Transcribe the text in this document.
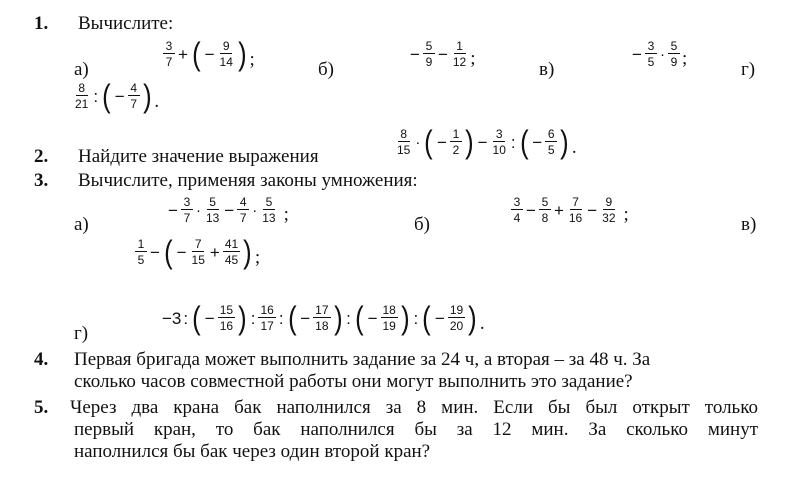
1. Вычислите:
а)
$\frac{3}{7}$ + ( − $\frac{9}{14}$ ) ;	б)
− $\frac{5}{9} - \frac{1}{12}$ ;
в)
− $\frac{3}{5} \cdot \frac{5}{9}$ ;
г)
$\frac{8}{21}$ : ( − $\frac{4}{7}$ ) .
2. Найдите значение выражения
$\frac{8}{15}$ · ( − $\frac{1}{2}$ ) − $\frac{3}{10}$ : ( − $\frac{6}{5}$ ) .
3. Вычислите, применяя законы умножения:
а)
− $\frac{3}{7} \cdot \frac{5}{13} - \frac{4}{7} \cdot \frac{5}{13}$ ;	б)
$\frac{3}{4} - \frac{5}{8} + \frac{7}{16} - \frac{9}{32}$ ;	в)
$\frac{1}{5}$ − ( − $\frac{7}{15} + \frac{41}{45}$ ) ;
г)
−3 : ( − $\frac{15}{16}$ ) : $\frac{16}{17}$ : ( − $\frac{17}{18}$ ) : ( − $\frac{18}{19}$ ) : ( − $\frac{19}{20}$ ) .
4. Первая бригада может выполнить задание за 24 ч, а вторая – за 48 ч. За
сколько часов совместной работы они могут выполнить это задание?
5. Через два крана бак наполнился за 8 мин. Если бы был открыт только
первый кран, то бак наполнился бы за 12 мин. За сколько минут
наполнился бы бак через один второй кран?
